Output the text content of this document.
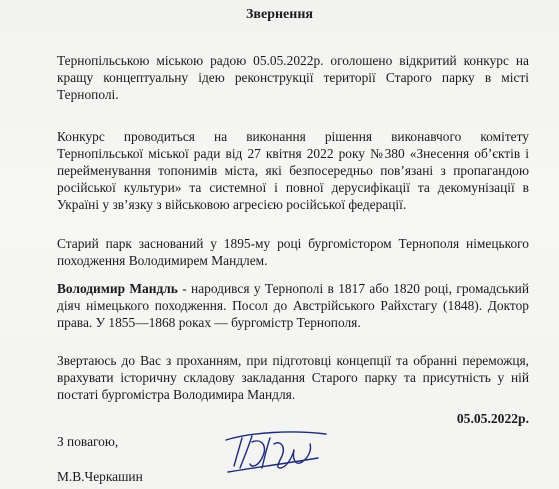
Звернення
Тернопільською міською радою 05.05.2022р. оголошено відкритий конкурс на
кращу концептуальну ідею реконструкції території Старого парку в місті
Тернополі.
Конкурс проводиться на виконання рішення виконавчого комітету
Тернопільської міської ради від 27 квітня 2022 року №380 «Знесення об’єктів і
перейменування топонимів міста, які безпосередньо пов’язані з пропагандою
російської культури» та системної і повної дерусифікації та декомунізації в
Україні у зв’язку з військовою агресією російської федерації.
Старий парк заснований у 1895-му році бургомістором Тернополя німецького
походження Володимирем Мандлем.
Володимир Мандль - народився у Тернополі в 1817 або 1820 році, громадський
діяч німецького походження. Посол до Австрійського Райхстагу (1848). Доктор
права. У 1855—1868 роках — бургомістр Тернополя.
Звертаюсь до Вас з проханням, при підготовці концепції та обранні переможця,
врахувати історичну складову закладання Старого парку та присутність у ній
постаті бургомістра Володимира Мандля.
05.05.2022р.
З повагою,
М.В.Черкашин
